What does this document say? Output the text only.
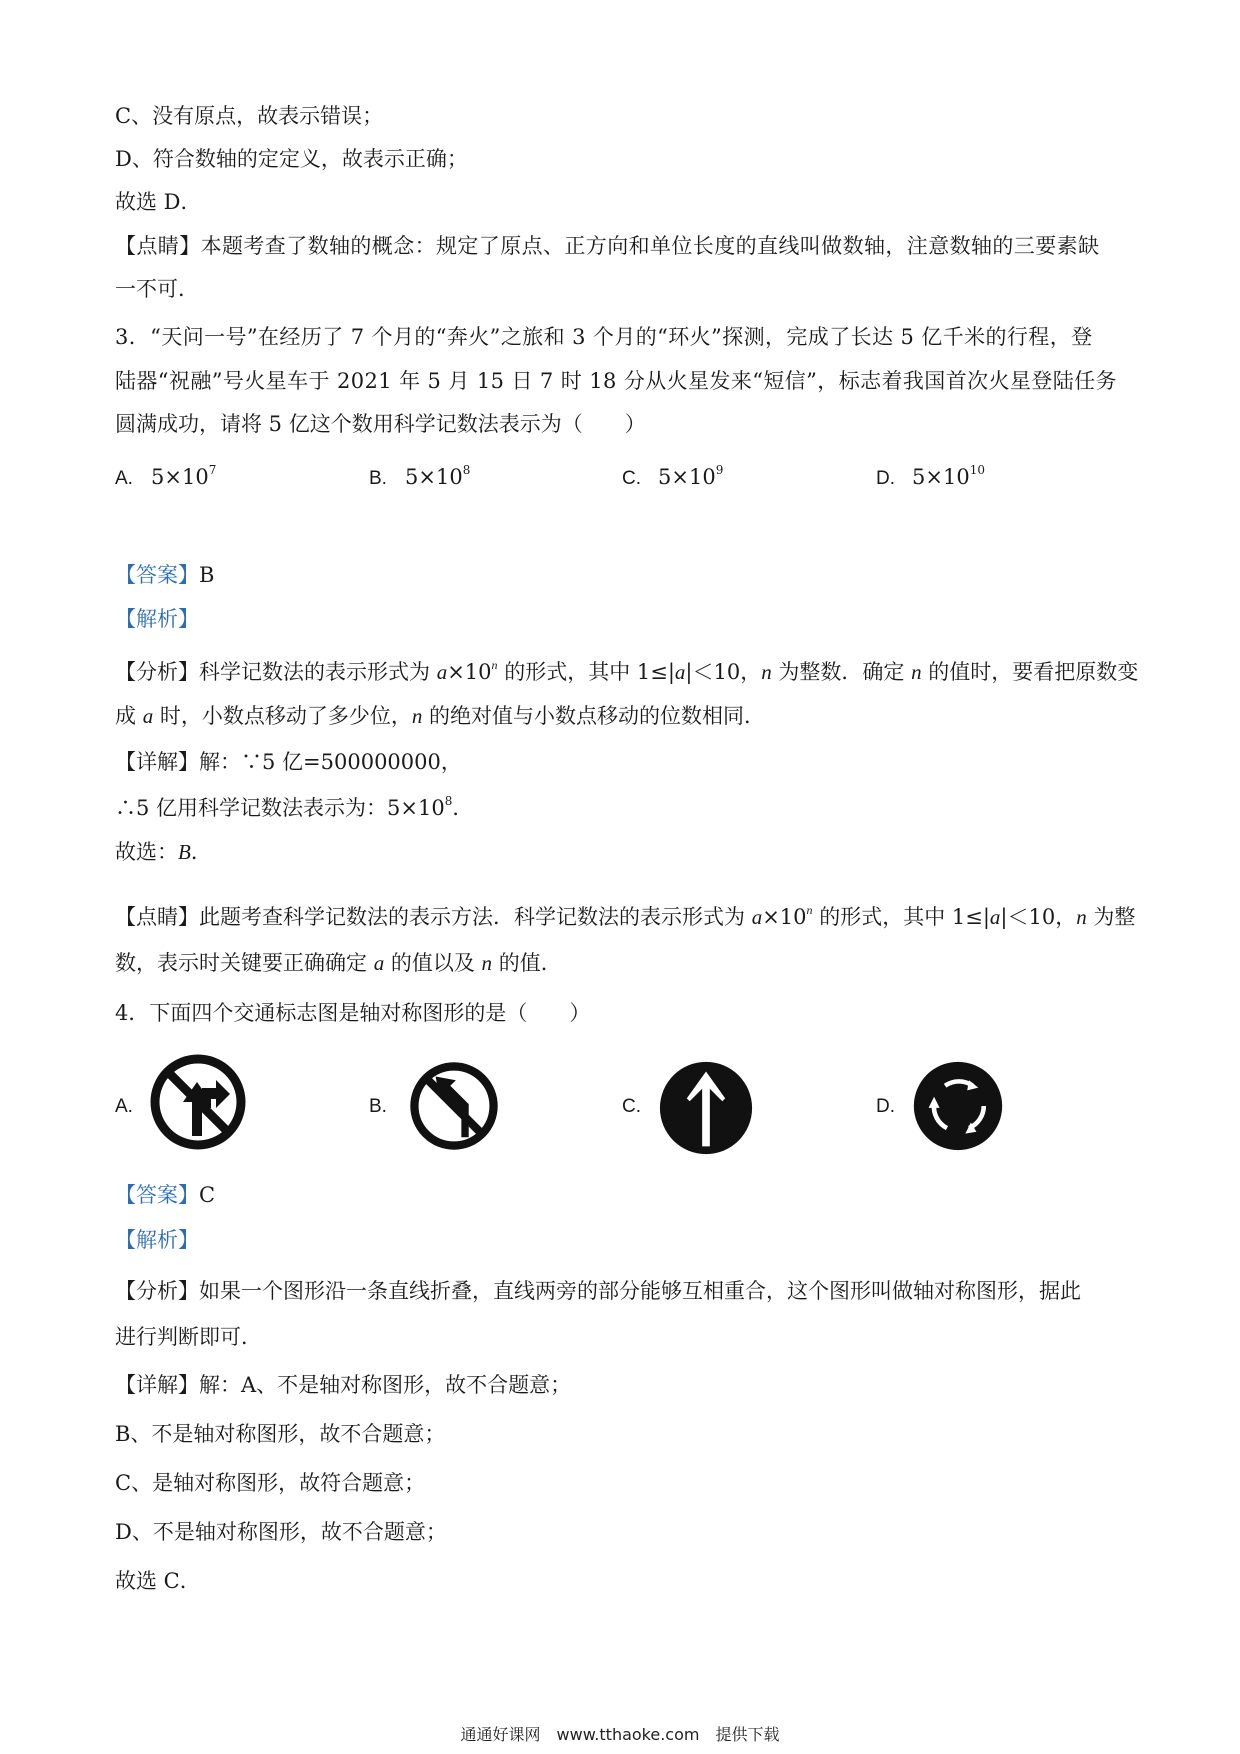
C、没有原点，故表示错误；
D、符合数轴的定定义，故表示正确；
故选 D．
【点睛】本题考查了数轴的概念：规定了原点、正方向和单位长度的直线叫做数轴，注意数轴的三要素缺
一不可．
3．“天问一号”在经历了 7 个月的“奔火”之旅和 3 个月的“环火”探测，完成了长达 5 亿千米的行程，登
陆器“祝融”号火星车于 2021 年 5 月 15 日 7 时 18 分从火星发来“短信”，标志着我国首次火星登陆任务
圆满成功，请将 5 亿这个数用科学记数法表示为（　　）
A. $5\times 10^7$	B. $5\times 10^8$	C. $5\times 10^9$	D. $5\times 10^{10}$
【答案】B
【解析】
【分析】科学记数法的表示形式为 $a\times 10^n$ 的形式，其中 1≤|a|＜10，n 为整数．确定 n 的值时，要看把原数变
成 a 时，小数点移动了多少位，n 的绝对值与小数点移动的位数相同．
【详解】解：∵5 亿=500000000，
∴5 亿用科学记数法表示为：$5\times 10^8$．
故选：B．
【点睛】此题考查科学记数法的表示方法．科学记数法的表示形式为 $a\times 10^n$ 的形式，其中 1≤|a|＜10，n 为整
数，表示时关键要正确确定 a 的值以及 n 的值．
4．下面四个交通标志图是轴对称图形的是（　　）
A.	B.	C.	D.
【答案】C
【解析】
【分析】如果一个图形沿一条直线折叠，直线两旁的部分能够互相重合，这个图形叫做轴对称图形，据此
进行判断即可．
【详解】解：A、不是轴对称图形，故不合题意；
B、不是轴对称图形，故不合题意；
C、是轴对称图形，故符合题意；
D、不是轴对称图形，故不合题意；
故选 C．
通通好课网　www.tthaoke.com　提供下载
